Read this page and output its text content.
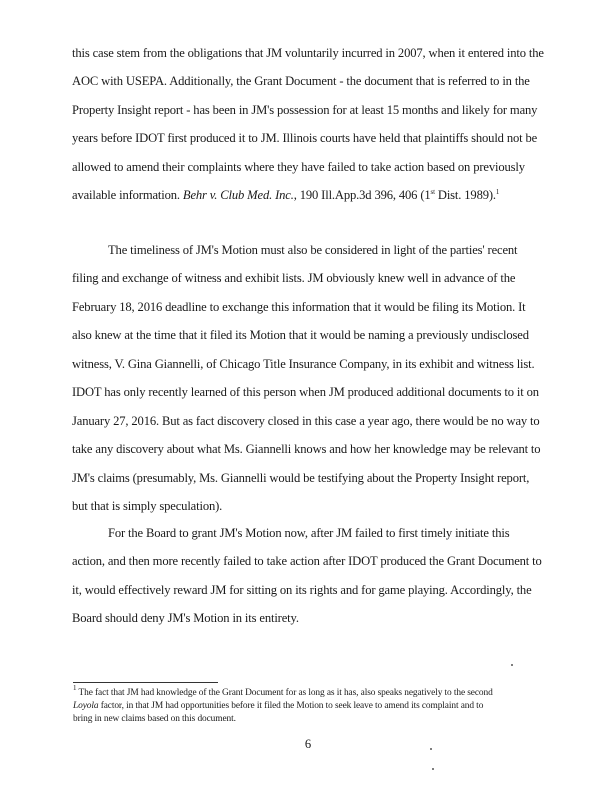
this case stem from the obligations that JM voluntarily incurred in 2007, when it entered into the
AOC with USEPA. Additionally, the Grant Document - the document that is referred to in the
Property Insight report - has been in JM's possession for at least 15 months and likely for many
years before IDOT first produced it to JM. Illinois courts have held that plaintiffs should not be
allowed to amend their complaints where they have failed to take action based on previously
available information. Behr v. Club Med. Inc., 190 Ill.App.3d 396, 406 (1st Dist. 1989).$^1$
The timeliness of JM's Motion must also be considered in light of the parties' recent
filing and exchange of witness and exhibit lists. JM obviously knew well in advance of the
February 18, 2016 deadline to exchange this information that it would be filing its Motion. It
also knew at the time that it filed its Motion that it would be naming a previously undisclosed
witness, V. Gina Giannelli, of Chicago Title Insurance Company, in its exhibit and witness list.
IDOT has only recently learned of this person when JM produced additional documents to it on
January 27, 2016. But as fact discovery closed in this case a year ago, there would be no way to
take any discovery about what Ms. Giannelli knows and how her knowledge may be relevant to
JM's claims (presumably, Ms. Giannelli would be testifying about the Property Insight report,
but that is simply speculation).
For the Board to grant JM's Motion now, after JM failed to first timely initiate this
action, and then more recently failed to take action after IDOT produced the Grant Document to
it, would effectively reward JM for sitting on its rights and for game playing. Accordingly, the
Board should deny JM's Motion in its entirety.
$^1$ The fact that JM had knowledge of the Grant Document for as long as it has, also speaks negatively to the second
Loyola factor, in that JM had opportunities before it filed the Motion to seek leave to amend its complaint and to
bring in new claims based on this document.
6
